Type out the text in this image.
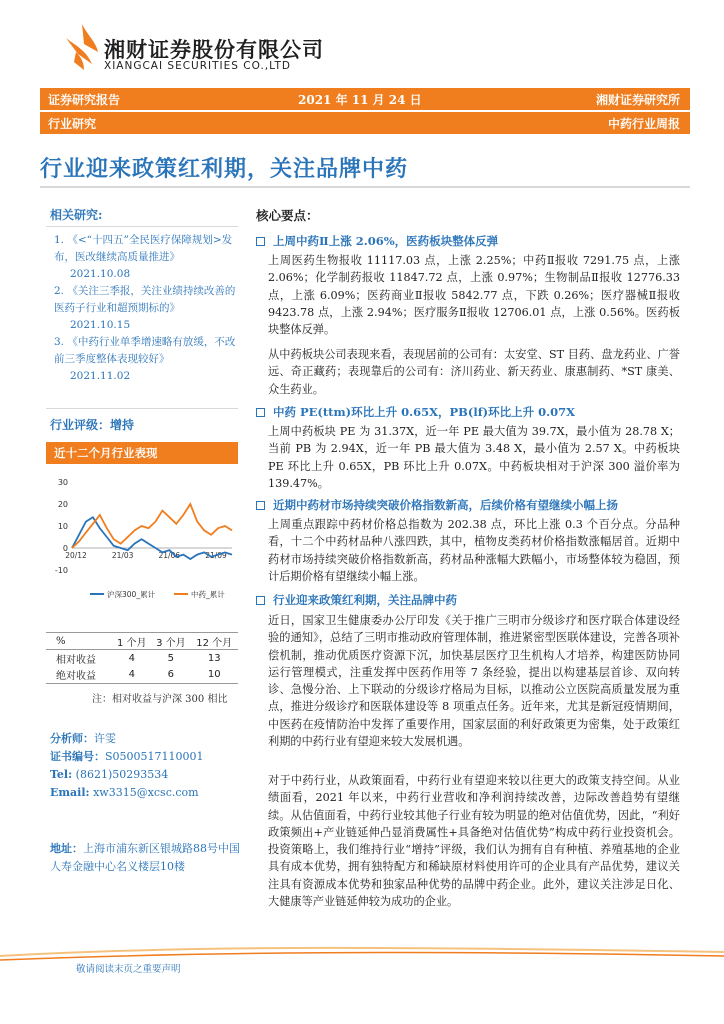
湘财证券股份有限公司
XIANGCAI SECURITIES CO.,LTD
证券研究报告	2021 年 11 月 24 日	湘财证券研究所
行业研究	中药行业周报
行业迎来政策红利期，关注品牌中药
相关研究:
1. 《<“十四五”全民医疗保障规划>发布，医改继续高质量推进》
2021.10.08
2. 《关注三季报，关注业绩持续改善的医药子行业和超预期标的》
2021.10.15
3. 《中药行业单季增速略有放缓，不改前三季度整体表现较好》
2021.11.02
行业评级：增持
近十二个月行业表现
30
20
10
0
-10
20/12	21/03	21/06	21/09
沪深300_累计	中药_累计
%	1 个月	3 个月	12 个月
相对收益	4	5	13
绝对收益	4	6	10
注：相对收益与沪深 300 相比
分析师：许雯
证书编号：S0500517110001
Tel: (8621)50293534
Email: xw3315@xcsc.com
地址：上海市浦东新区银城路88号中国人寿金融中心名义楼层10楼
核心要点：
上周中药Ⅱ上涨 2.06%，医药板块整体反弹
上周医药生物报收 11117.03 点，上涨 2.25%；中药Ⅱ报收 7291.75 点，上涨 2.06%；化学制药报收 11847.72 点，上涨 0.97%；生物制品Ⅱ报收 12776.33 点，上涨 6.09%；医药商业Ⅱ报收 5842.77 点，下跌 0.26%；医疗器械Ⅱ报收 9423.78 点，上涨 2.94%；医疗服务Ⅱ报收 12706.01 点，上涨 0.56%。医药板块整体反弹。
从中药板块公司表现来看，表现居前的公司有：太安堂、ST 目药、盘龙药业、广誉远、奇正藏药；表现靠后的公司有：济川药业、新天药业、康惠制药、*ST 康美、众生药业。
中药 PE(ttm)环比上升 0.65X，PB(lf)环比上升 0.07X
上周中药板块 PE 为 31.37X，近一年 PE 最大值为 39.7X，最小值为 28.78 X；当前 PB 为 2.94X，近一年 PB 最大值为 3.48 X，最小值为 2.57 X。中药板块 PE 环比上升 0.65X，PB 环比上升 0.07X。中药板块相对于沪深 300 溢价率为 139.47%。
近期中药材市场持续突破价格指数新高，后续价格有望继续小幅上扬
上周重点跟踪中药材价格总指数为 202.38 点，环比上涨 0.3 个百分点。分品种看，十二个中药材品种八涨四跌，其中，植物皮类药材价格指数涨幅居首。近期中药材市场持续突破价格指数新高，药材品种涨幅大跌幅小，市场整体较为稳固，预计后期价格有望继续小幅上涨。
行业迎来政策红利期，关注品牌中药
近日，国家卫生健康委办公厅印发《关于推广三明市分级诊疗和医疗联合体建设经验的通知》，总结了三明市推动政府管理体制，推进紧密型医联体建设，完善各项补偿机制，推动优质医疗资源下沉，加快基层医疗卫生机构人才培养，构建医防协同运行管理模式，注重发挥中医药作用等 7 条经验，提出以构建基层首诊、双向转诊、急慢分治、上下联动的分级诊疗格局为目标，以推动公立医院高质量发展为重点，推进分级诊疗和医联体建设等 8 项重点任务。近年来，尤其是新冠疫情期间，中医药在疫情防治中发挥了重要作用，国家层面的利好政策更为密集，处于政策红利期的中药行业有望迎来较大发展机遇。
对于中药行业，从政策面看，中药行业有望迎来较以往更大的政策支持空间。从业绩面看，2021 年以来，中药行业营收和净利润持续改善，边际改善趋势有望继续。从估值面看，中药行业较其他子行业有较为明显的绝对估值优势，因此，“利好政策频出+产业链延伸凸显消费属性+具备绝对估值优势”构成中药行业投资机会。投资策略上，我们维持行业“增持”评级，我们认为拥有自有种植、养殖基地的企业具有成本优势，拥有独特配方和稀缺原材料使用许可的企业具有产品优势，建议关注具有资源成本优势和独家品种优势的品牌中药企业。此外，建议关注涉足日化、大健康等产业链延伸较为成功的企业。
敬请阅读末页之重要声明
